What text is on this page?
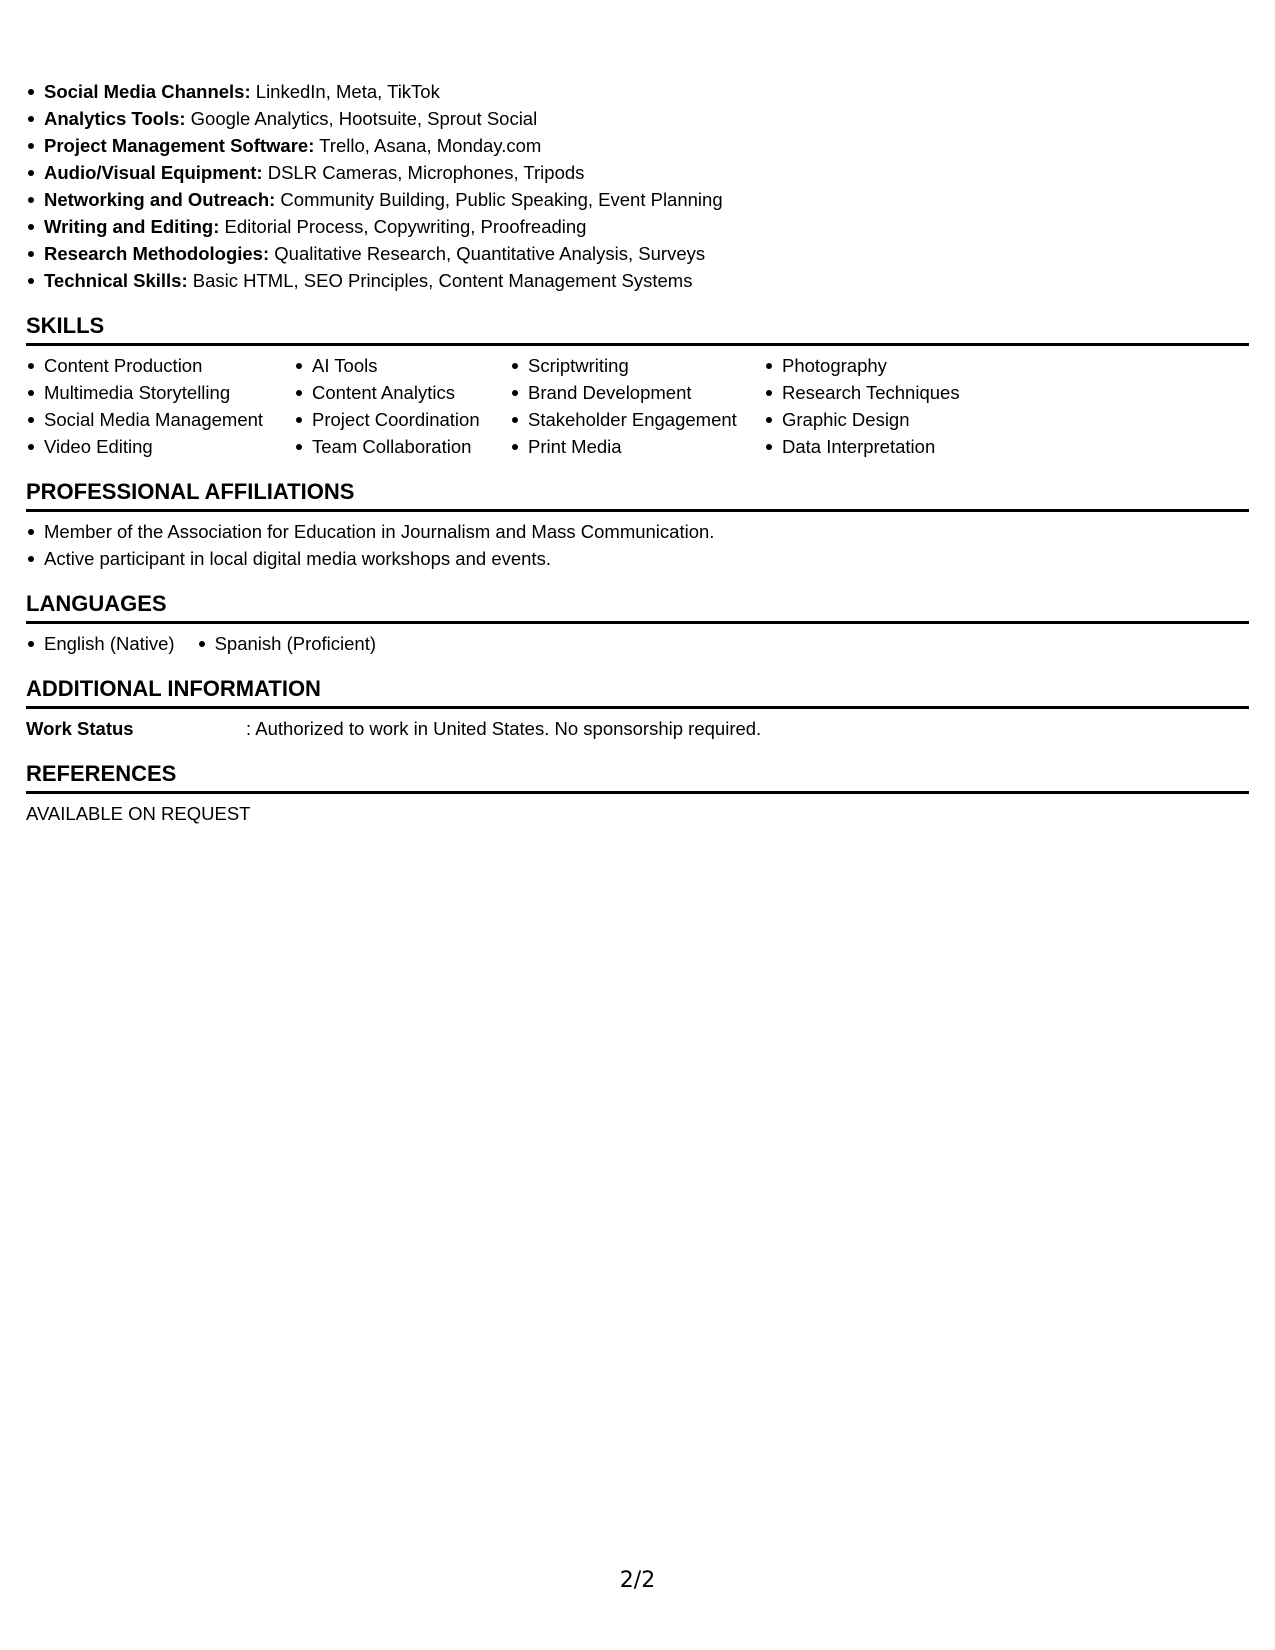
Social Media Channels: LinkedIn, Meta, TikTok
Analytics Tools: Google Analytics, Hootsuite, Sprout Social
Project Management Software: Trello, Asana, Monday.com
Audio/Visual Equipment: DSLR Cameras, Microphones, Tripods
Networking and Outreach: Community Building, Public Speaking, Event Planning
Writing and Editing: Editorial Process, Copywriting, Proofreading
Research Methodologies: Qualitative Research, Quantitative Analysis, Surveys
Technical Skills: Basic HTML, SEO Principles, Content Management Systems
SKILLS
Content Production
Multimedia Storytelling
Social Media Management
Video Editing
AI Tools
Content Analytics
Project Coordination
Team Collaboration
Scriptwriting
Brand Development
Stakeholder Engagement
Print Media
Photography
Research Techniques
Graphic Design
Data Interpretation
PROFESSIONAL AFFILIATIONS
Member of the Association for Education in Journalism and Mass Communication.
Active participant in local digital media workshops and events.
LANGUAGES
English (Native)	Spanish (Proficient)
ADDITIONAL INFORMATION
Work Status	: Authorized to work in United States. No sponsorship required.
REFERENCES
AVAILABLE ON REQUEST
2/2
